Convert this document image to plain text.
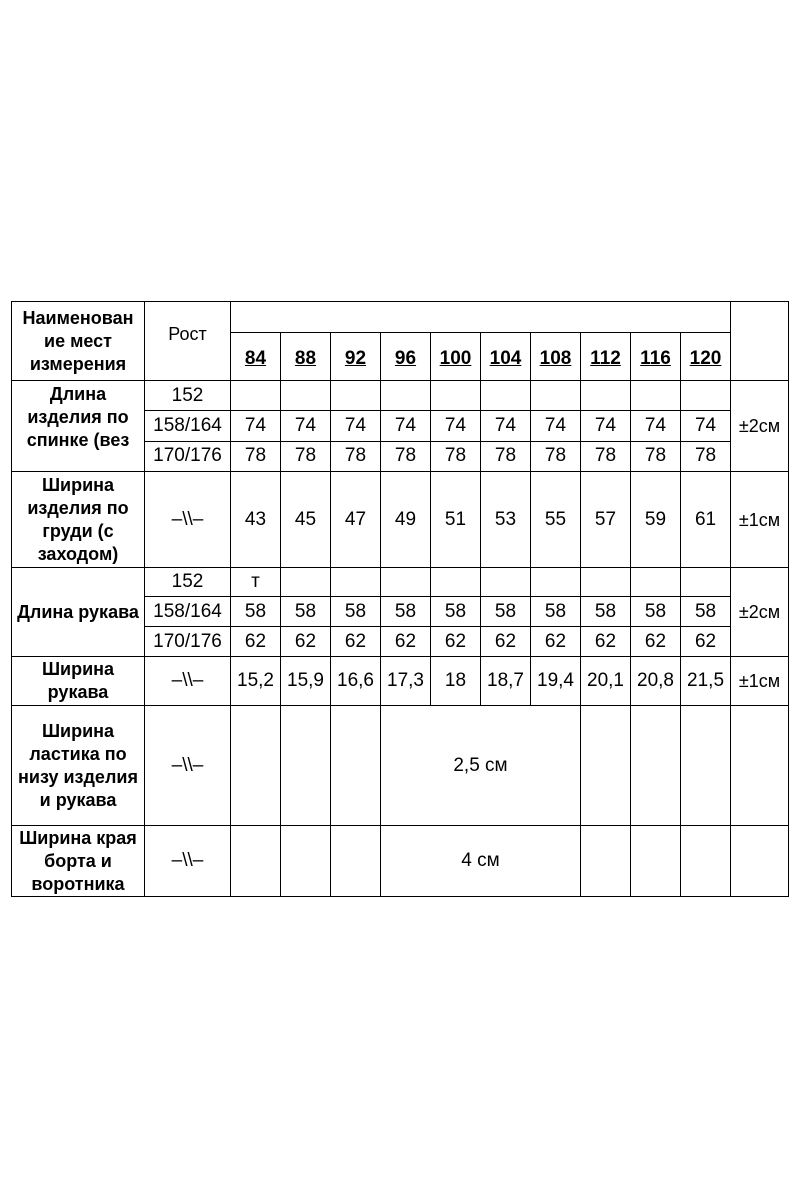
Наименован ие мест измерения	Рост											
		84	88	92	96	100	104	108	112	116	120	

Длина изделия по спинке (вез	152											±2см
	158/164	74	74	74	74	74	74	74	74	74	74	
	170/176	78	78	78	78	78	78	78	78	78	78	
Ширина изделия по груди (с заходом)	–\\–	43	45	47	49	51	53	55	57	59	61	±1см
Длина рукава	152	т										±2см
	158/164	58	58	58	58	58	58	58	58	58	58	
	170/176	62	62	62	62	62	62	62	62	62	62	
Ширина рукава	–\\–	15,2	15,9	16,6	17,3	18	18,7	19,4	20,1	20,8	21,5	±1см
Ширина ластика по низу изделия и рукава	–\\–				2,5 см							
Ширина края борта и воротника	–\\–				4 см							
